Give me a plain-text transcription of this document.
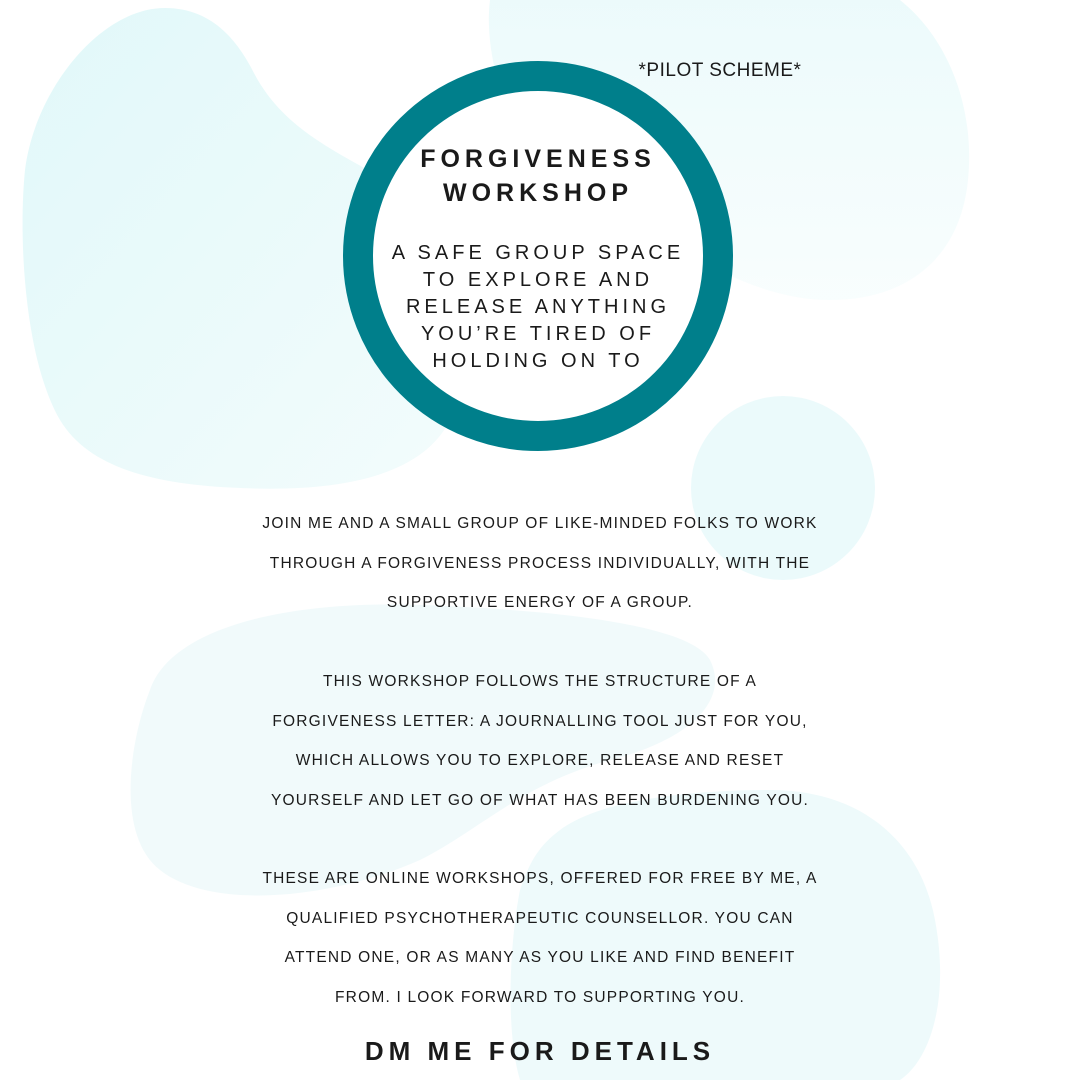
*PILOT SCHEME*
FORGIVENESS WORKSHOP
A SAFE GROUP SPACE TO EXPLORE AND RELEASE ANYTHING YOU’RE TIRED OF HOLDING ON TO
JOIN ME AND A SMALL GROUP OF LIKE-MINDED FOLKS TO WORK THROUGH A FORGIVENESS PROCESS INDIVIDUALLY, WITH THE SUPPORTIVE ENERGY OF A GROUP.
THIS WORKSHOP FOLLOWS THE STRUCTURE OF A FORGIVENESS LETTER: A JOURNALLING TOOL JUST FOR YOU, WHICH ALLOWS YOU TO EXPLORE, RELEASE AND RESET YOURSELF AND LET GO OF WHAT HAS BEEN BURDENING YOU.
THESE ARE ONLINE WORKSHOPS, OFFERED FOR FREE BY ME, A QUALIFIED PSYCHOTHERAPEUTIC COUNSELLOR. YOU CAN ATTEND ONE, OR AS MANY AS YOU LIKE AND FIND BENEFIT FROM. I LOOK FORWARD TO SUPPORTING YOU.
DM ME FOR DETAILS
